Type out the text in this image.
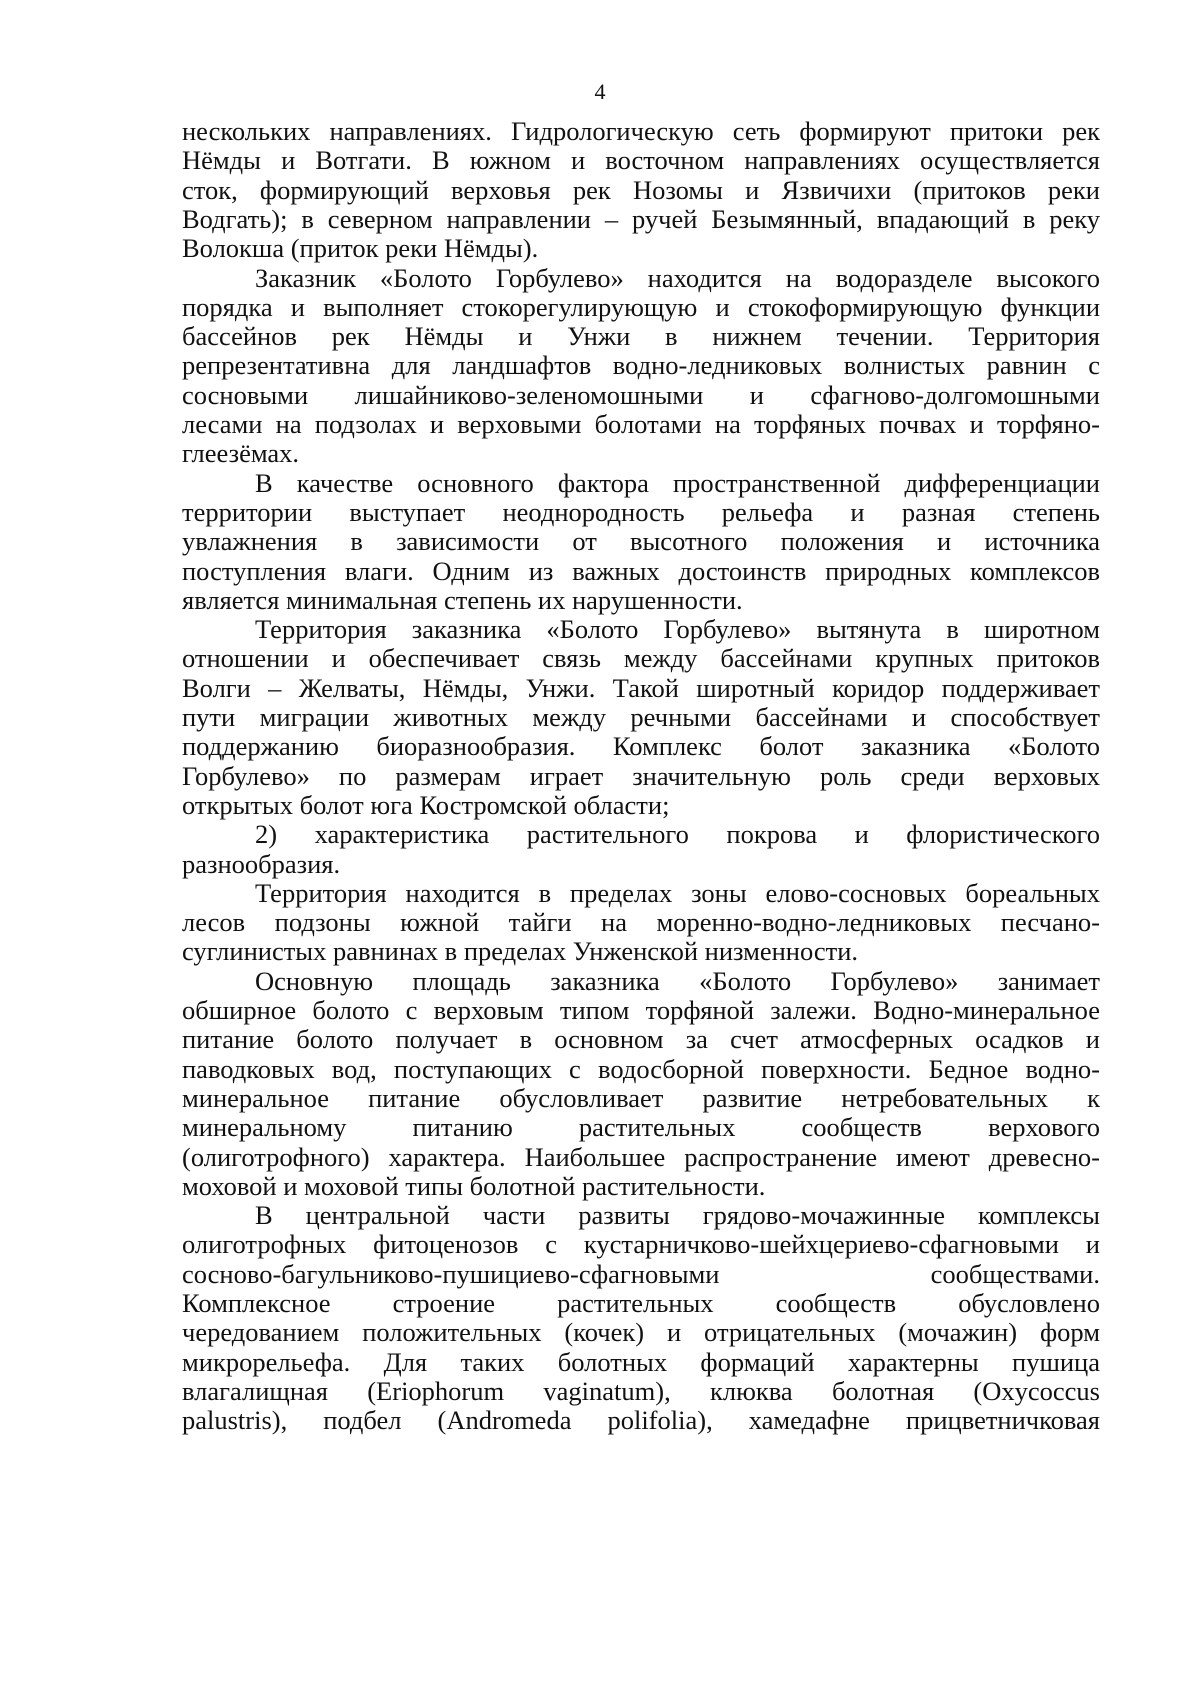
4
нескольких направлениях. Гидрологическую сеть формируют притоки рек
Нёмды и Вотгати. В южном и восточном направлениях осуществляется
сток, формирующий верховья рек Нозомы и Язвичихи (притоков реки
Водгать); в северном направлении – ручей Безымянный, впадающий в реку
Волокша (приток реки Нёмды).
Заказник «Болото Горбулево» находится на водоразделе высокого
порядка и выполняет стокорегулирующую и стокоформирующую функции
бассейнов рек Нёмды и Унжи в нижнем течении. Территория
репрезентативна для ландшафтов водно-ледниковых волнистых равнин с
сосновыми лишайниково-зеленомошными и сфагново-долгомошными
лесами на подзолах и верховыми болотами на торфяных почвах и торфяно-
глеезёмах.
В качестве основного фактора пространственной дифференциации
территории выступает неоднородность рельефа и разная степень
увлажнения в зависимости от высотного положения и источника
поступления влаги. Одним из важных достоинств природных комплексов
является минимальная степень их нарушенности.
Территория заказника «Болото Горбулево» вытянута в широтном
отношении и обеспечивает связь между бассейнами крупных притоков
Волги – Желваты, Нёмды, Унжи. Такой широтный коридор поддерживает
пути миграции животных между речными бассейнами и способствует
поддержанию биоразнообразия. Комплекс болот заказника «Болото
Горбулево» по размерам играет значительную роль среди верховых
открытых болот юга Костромской области;
2) характеристика растительного покрова и флористического
разнообразия.
Территория находится в пределах зоны елово-сосновых бореальных
лесов подзоны южной тайги на моренно-водно-ледниковых песчано-
суглинистых равнинах в пределах Унженской низменности.
Основную площадь заказника «Болото Горбулево» занимает
обширное болото с верховым типом торфяной залежи. Водно-минеральное
питание болото получает в основном за счет атмосферных осадков и
паводковых вод, поступающих с водосборной поверхности. Бедное водно-
минеральное питание обусловливает развитие нетребовательных к
минеральному питанию растительных сообществ верхового
(олиготрофного) характера. Наибольшее распространение имеют древесно-
моховой и моховой типы болотной растительности.
В центральной части развиты грядово-мочажинные комплексы
олиготрофных фитоценозов с кустарничково-шейхцериево-сфагновыми и
сосново-багульниково-пушициево-сфагновыми сообществами.
Комплексное строение растительных сообществ обусловлено
чередованием положительных (кочек) и отрицательных (мочажин) форм
микрорельефа. Для таких болотных формаций характерны пушица
влагалищная (Eriophorum vaginatum), клюква болотная (Oxycoccus
palustris), подбел (Andromeda polifolia), хамедафне прицветничковая
